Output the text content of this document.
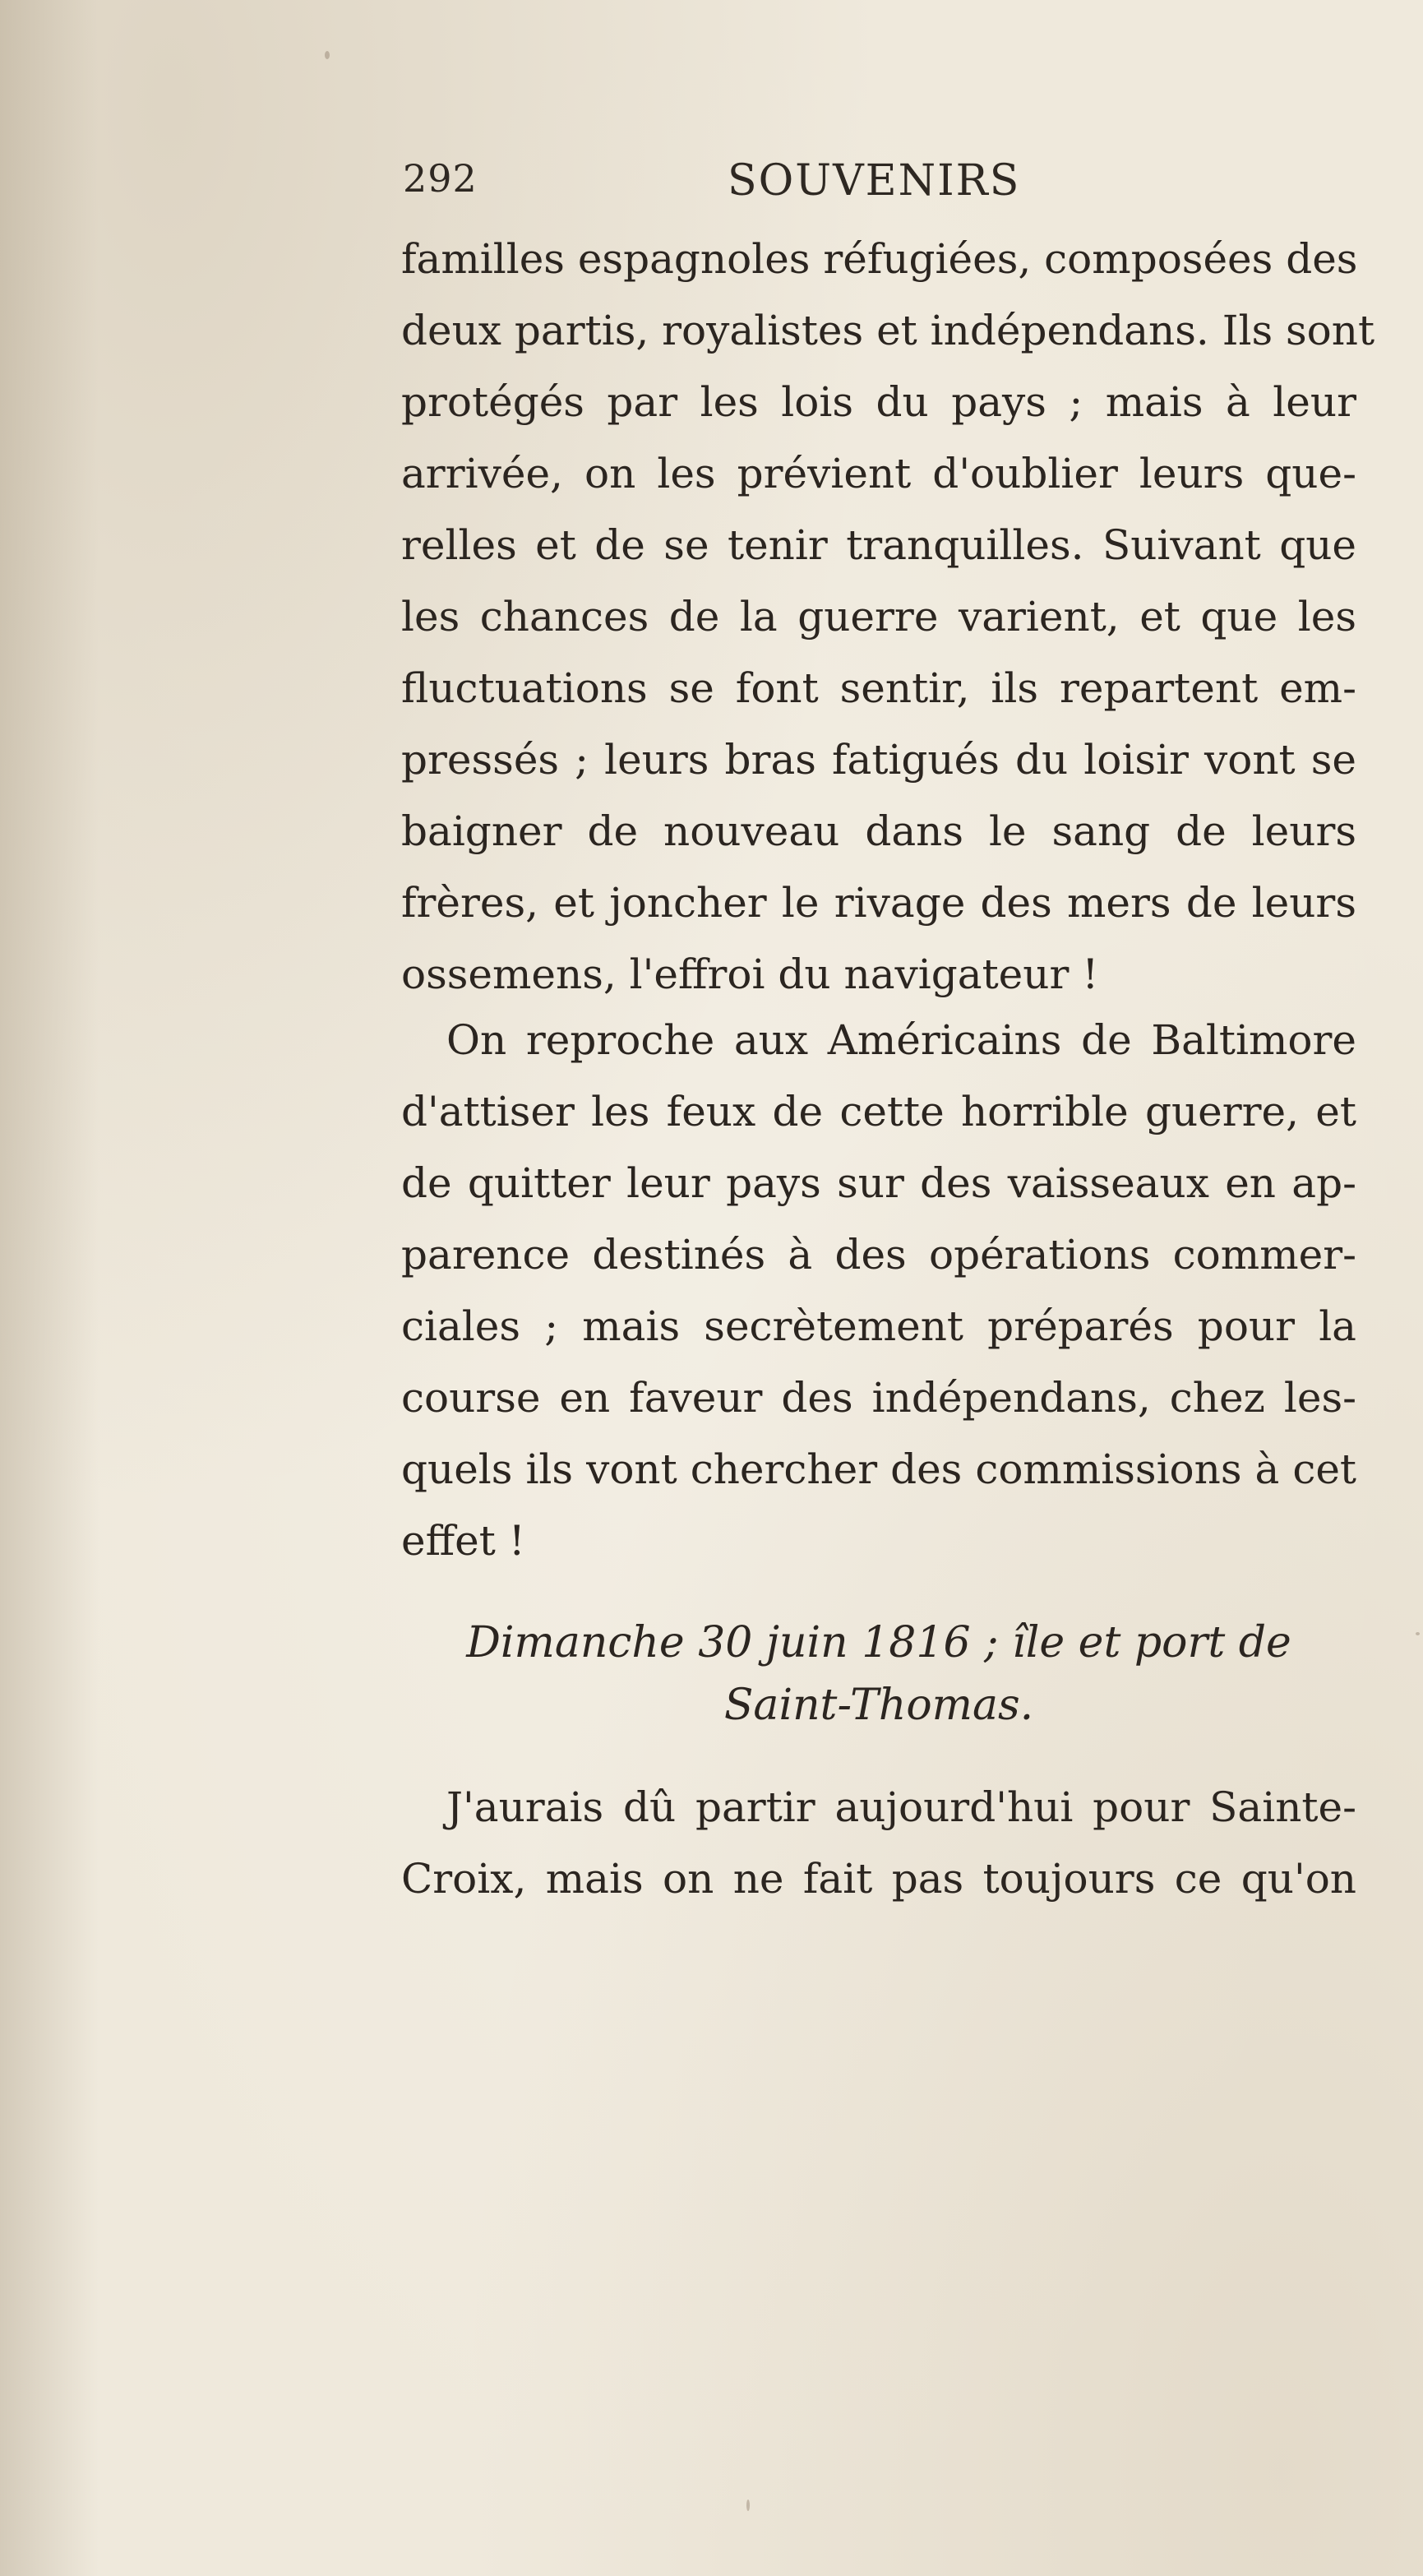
292	SOUVENIRS
familles espagnoles réfugiées, composées des
deux partis, royalistes et indépendans. Ils sont
protégés par les lois du pays ; mais à leur
arrivée, on les prévient d'oublier leurs que-
relles et de se tenir tranquilles. Suivant que
les chances de la guerre varient, et que les
fluctuations se font sentir, ils repartent em-
pressés ; leurs bras fatigués du loisir vont se
baigner de nouveau dans le sang de leurs
frères, et joncher le rivage des mers de leurs
ossemens, l'effroi du navigateur !
On reproche aux Américains de Baltimore
d'attiser les feux de cette horrible guerre, et
de quitter leur pays sur des vaisseaux en ap-
parence destinés à des opérations commer-
ciales ; mais secrètement préparés pour la
course en faveur des indépendans, chez les-
quels ils vont chercher des commissions à cet
effet !
Dimanche 30 juin 1816 ; île et port de
Saint-Thomas.
J'aurais dû partir aujourd'hui pour Sainte-
Croix, mais on ne fait pas toujours ce qu'on
